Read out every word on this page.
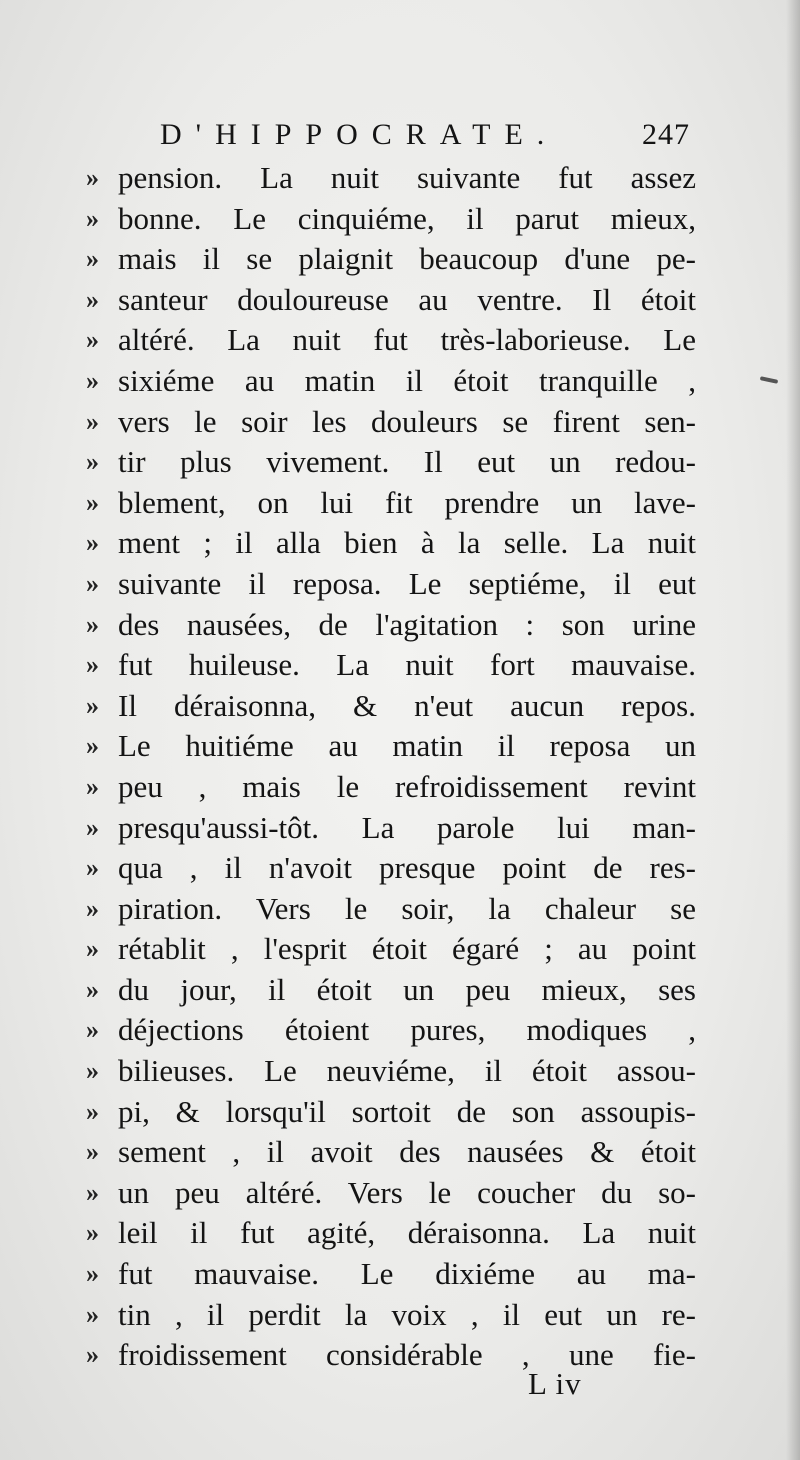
D'HIPPOCRATE.	247
» pension. La nuit suivante fut assez
» bonne. Le cinquiéme, il parut mieux,
» mais il se plaignit beaucoup d'une pe-
» santeur douloureuse au ventre. Il étoit
» altéré. La nuit fut très-laborieuse. Le
» sixiéme au matin il étoit tranquille ,
» vers le soir les douleurs se firent sen-
» tir plus vivement. Il eut un redou-
» blement, on lui fit prendre un lave-
» ment ; il alla bien à la selle. La nuit
» suivante il reposa. Le septiéme, il eut
» des nausées, de l'agitation : son urine
» fut huileuse. La nuit fort mauvaise.
» Il déraisonna, & n'eut aucun repos.
» Le huitiéme au matin il reposa un
» peu , mais le refroidissement revint
» presqu'aussi-tôt. La parole lui man-
» qua , il n'avoit presque point de res-
» piration. Vers le soir, la chaleur se
» rétablit , l'esprit étoit égaré ; au point
» du jour, il étoit un peu mieux, ses
» déjections étoient pures, modiques ,
» bilieuses. Le neuviéme, il étoit assou-
» pi, & lorsqu'il sortoit de son assoupis-
» sement , il avoit des nausées & étoit
» un peu altéré. Vers le coucher du so-
» leil il fut agité, déraisonna. La nuit
» fut mauvaise. Le dixiéme au ma-
» tin , il perdit la voix , il eut un re-
» froidissement considérable , une fie-
L iv
